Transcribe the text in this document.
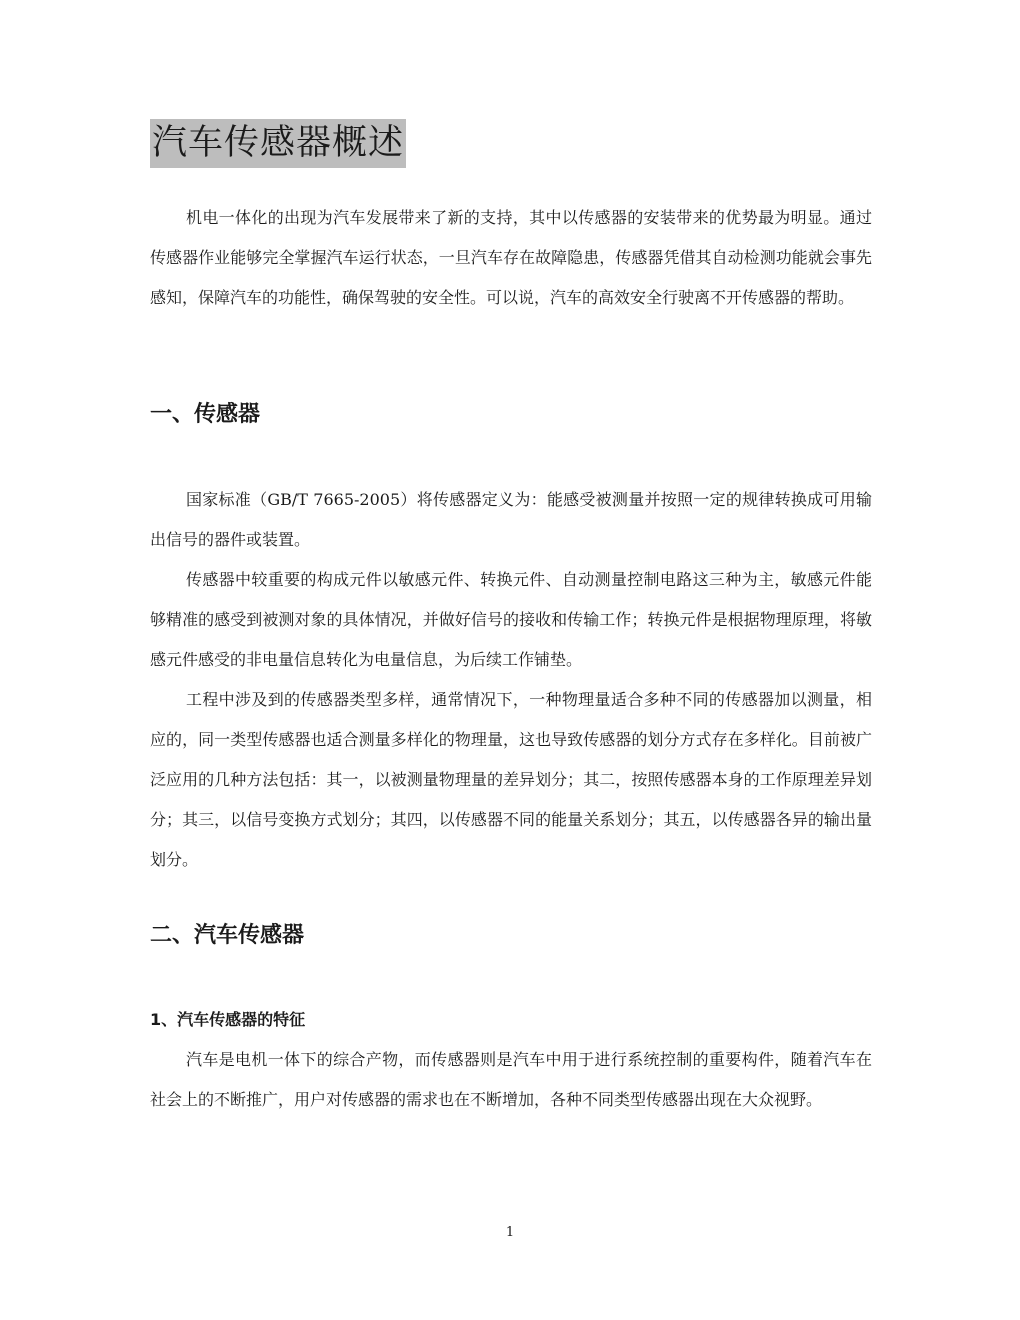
汽车传感器概述

机电一体化的出现为汽车发展带来了新的支持，其中以传感器的安装带来的优势最为明显。通过传感器作业能够完全掌握汽车运行状态，一旦汽车存在故障隐患，传感器凭借其自动检测功能就会事先感知，保障汽车的功能性，确保驾驶的安全性。可以说，汽车的高效安全行驶离不开传感器的帮助。

一、传感器

国家标准（GB/T 7665-2005）将传感器定义为：能感受被测量并按照一定的规律转换成可用输出信号的器件或装置。

传感器中较重要的构成元件以敏感元件、转换元件、自动测量控制电路这三种为主，敏感元件能够精准的感受到被测对象的具体情况，并做好信号的接收和传输工作；转换元件是根据物理原理，将敏感元件感受的非电量信息转化为电量信息，为后续工作铺垫。

工程中涉及到的传感器类型多样，通常情况下，一种物理量适合多种不同的传感器加以测量，相应的，同一类型传感器也适合测量多样化的物理量，这也导致传感器的划分方式存在多样化。目前被广泛应用的几种方法包括：其一，以被测量物理量的差异划分；其二，按照传感器本身的工作原理差异划分；其三，以信号变换方式划分；其四，以传感器不同的能量关系划分；其五，以传感器各异的输出量划分。

二、汽车传感器
1、汽车传感器的特征

汽车是电机一体下的综合产物，而传感器则是汽车中用于进行系统控制的重要构件，随着汽车在社会上的不断推广，用户对传感器的需求也在不断增加，各种不同类型传感器出现在大众视野。

1
